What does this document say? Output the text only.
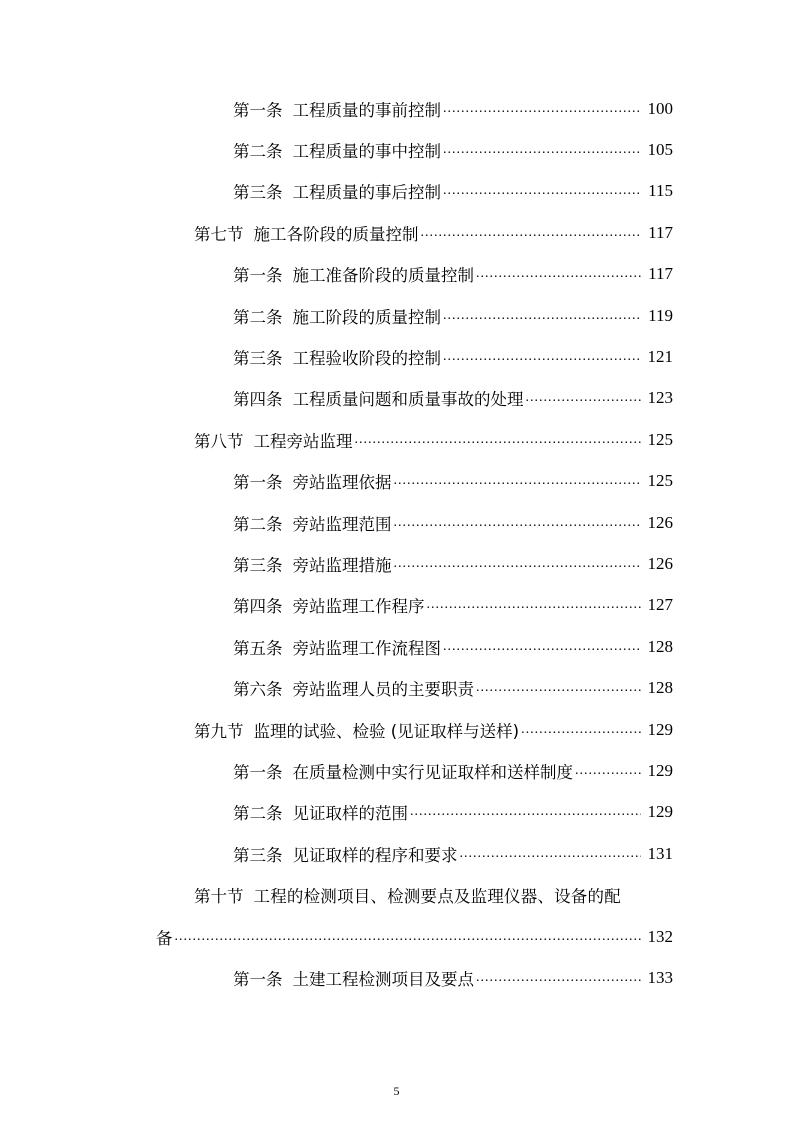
第一条 工程质量的事前控制 .....	100
第二条 工程质量的事中控制 .....	105
第三条 工程质量的事后控制 .....	115
第七节 施工各阶段的质量控制 .....	117
第一条 施工准备阶段的质量控制 .....	117
第二条 施工阶段的质量控制 .....	119
第三条 工程验收阶段的控制 .....	121
第四条 工程质量问题和质量事故的处理 .....	123
第八节 工程旁站监理 .....	125
第一条 旁站监理依据 .....	125
第二条 旁站监理范围 .....	126
第三条 旁站监理措施 .....	126
第四条 旁站监理工作程序 .....	127
第五条 旁站监理工作流程图 .....	128
第六条 旁站监理人员的主要职责 .....	128
第九节 监理的试验、检验 (见证取样与送样) .....	129
第一条 在质量检测中实行见证取样和送样制度 .....	129
第二条 见证取样的范围 .....	129
第三条 见证取样的程序和要求 .....	131
第十节 工程的检测项目、检测要点及监理仪器、设备的配
备 .....	132
第一条 土建工程检测项目及要点 .....	133
5
